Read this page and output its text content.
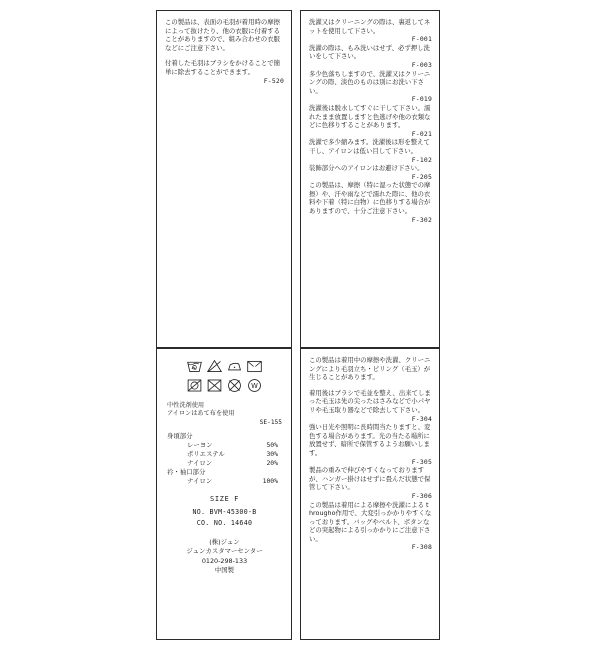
この製品は、表面の毛羽が着用時の摩擦によって抜けたり、他の衣服に付着することがありますので、組み合わせの衣服などにご注意下さい。

付着した毛羽はブラシをかけることで簡単に除去することができます。

F-520

洗濯又はクリーニングの際は、裏返してネットを使用して下さい。

F-001

洗濯の際は、もみ洗いはせず、必ず押し洗いをして下さい。

F-003

多少色落ちしますので、洗濯又はクリーニングの際、淡色のものは別にお洗い下さい。

F-019

洗濯後は脱水してすぐに干して下さい。濡れたまま放置しますと色逃げや他の衣類などに色移りすることがあります。

F-021

洗濯で多少縮みます。洗濯後は形を整えて干し、アイロンは低い目して下さい。

F-102

装飾部分へのアイロンはお避け下さい。

F-205

この製品は、摩擦（特に湿った状態での摩擦）や、汗や雨などで濡れた際に、他の衣料や下着（特に白物）に色移りする場合がありますので、十分ご注意下さい。

F-302

W

中性洗剤使用

アイロンはあて布を使用

SE-155

身頃部分

レーヨン	50%
ポリエステル	30%
ナイロン	20%

衿・袖口部分

ナイロン	100%

SIZE F

NO. BVM-45300-B

CO. NO. 14640

(株)ジュン

ジュンカスタマーセンター

0120-298-133

中国製

この製品は着用中の摩擦や洗濯、クリーニングにより毛羽立ち・ピリング（毛玉）が生じることがあります。

着用後はブラシで毛並を整え、出来てしまった毛玉は先の尖ったはさみなどで小パヤリや毛玉取り器などで除去して下さい。

F-304

強い日光や照明に長時間当たりますと、変色する場合があります。光の当たる場所に放置せず、暗所で保管するようお願いします。

F-305

製品の重みで伸びやすくなっておりますが、ハンガー掛けはせずに畳んだ状態で保管して下さい。

F-306

この製品は着用による摩擦や洗濯による througho作用で、大変引っかかりやすくなっております。バッグやベルト、ボタンなどの突起物による引っかかりにご注意下さい。

F-308
